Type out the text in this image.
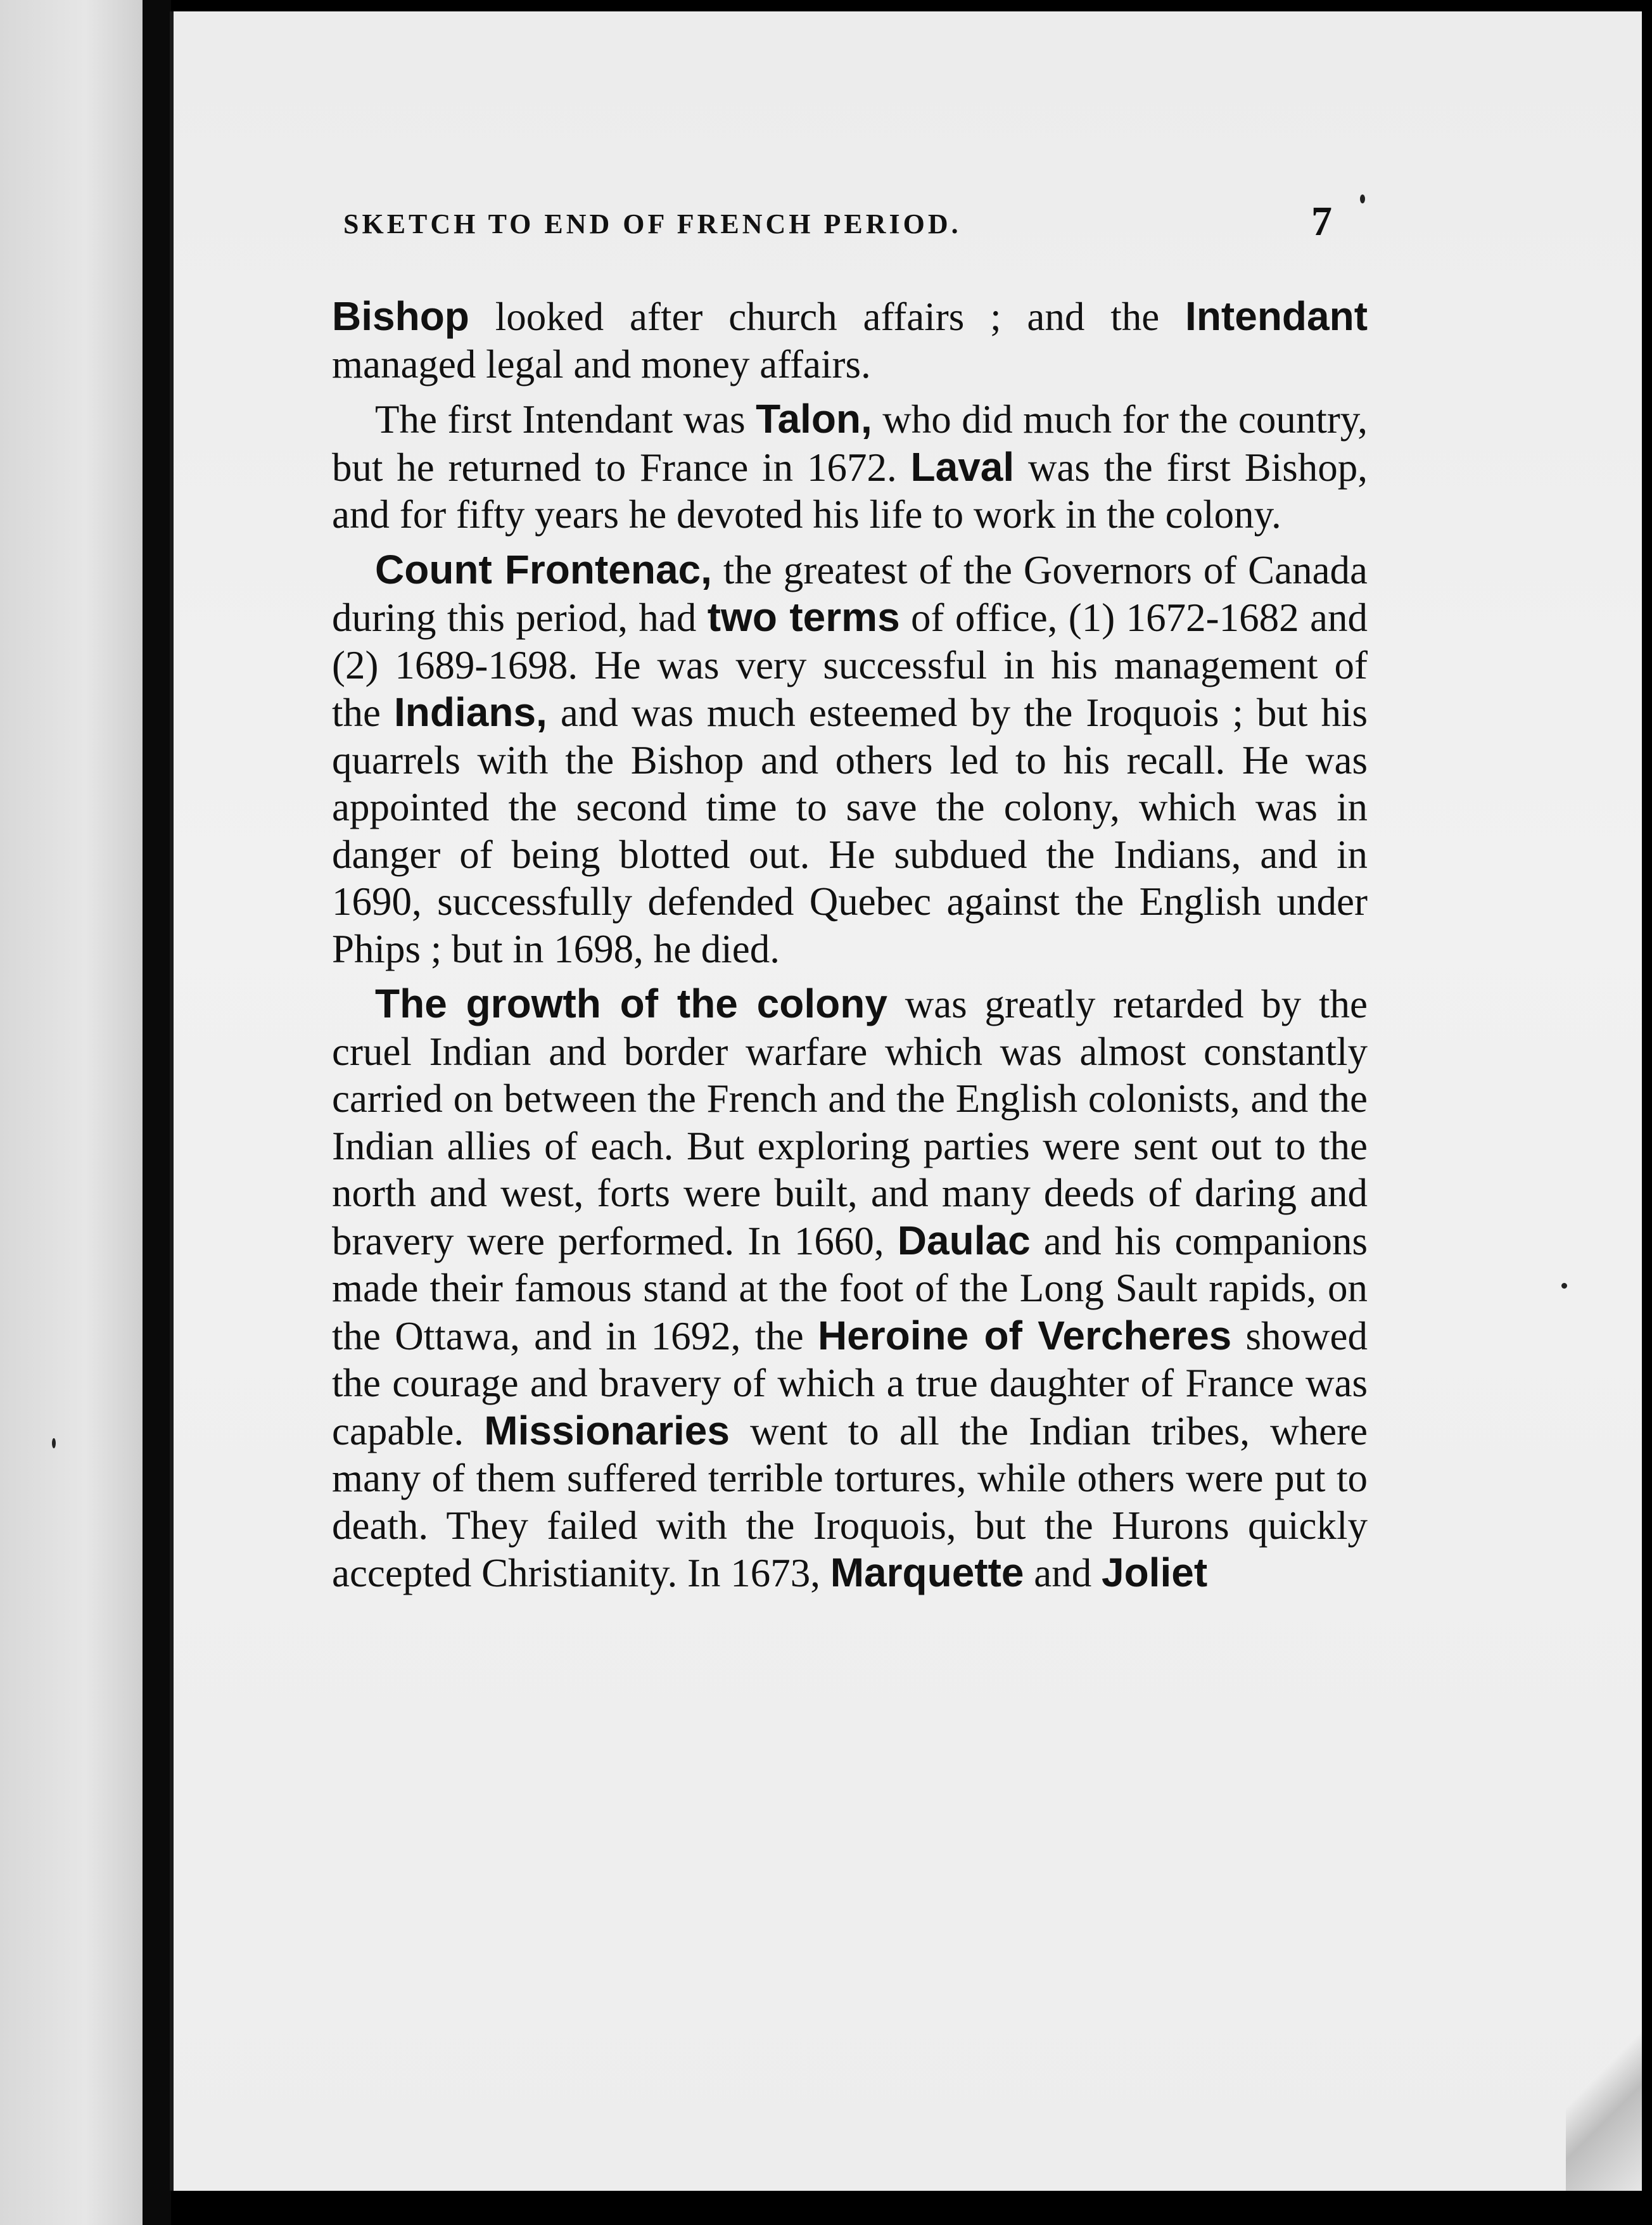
SKETCH TO END OF FRENCH PERIOD.	7

Bishop looked after church affairs ; and the Intendant managed legal and money affairs.

The first Intendant was Talon, who did much for the country, but he returned to France in 1672. Laval was the first Bishop, and for fifty years he devoted his life to work in the colony.

Count Frontenac, the greatest of the Governors of Canada during this period, had two terms of office, (1) 1672-1682 and (2) 1689-1698. He was very successful in his management of the Indians, and was much esteemed by the Iroquois ; but his quarrels with the Bishop and others led to his recall. He was appointed the second time to save the colony, which was in danger of being blotted out. He subdued the Indians, and in 1690, successfully defended Quebec against the English under Phips ; but in 1698, he died.

The growth of the colony was greatly retarded by the cruel Indian and border warfare which was almost constantly carried on between the French and the English colonists, and the Indian allies of each. But exploring parties were sent out to the north and west, forts were built, and many deeds of daring and bravery were performed. In 1660, Daulac and his companions made their famous stand at the foot of the Long Sault rapids, on the Ottawa, and in 1692, the Heroine of Vercheres showed the courage and bravery of which a true daughter of France was capable. Missionaries went to all the Indian tribes, where many of them suffered terrible tortures, while others were put to death. They failed with the Iroquois, but the Hurons quickly accepted Christianity. In 1673, Marquette and Joliet
